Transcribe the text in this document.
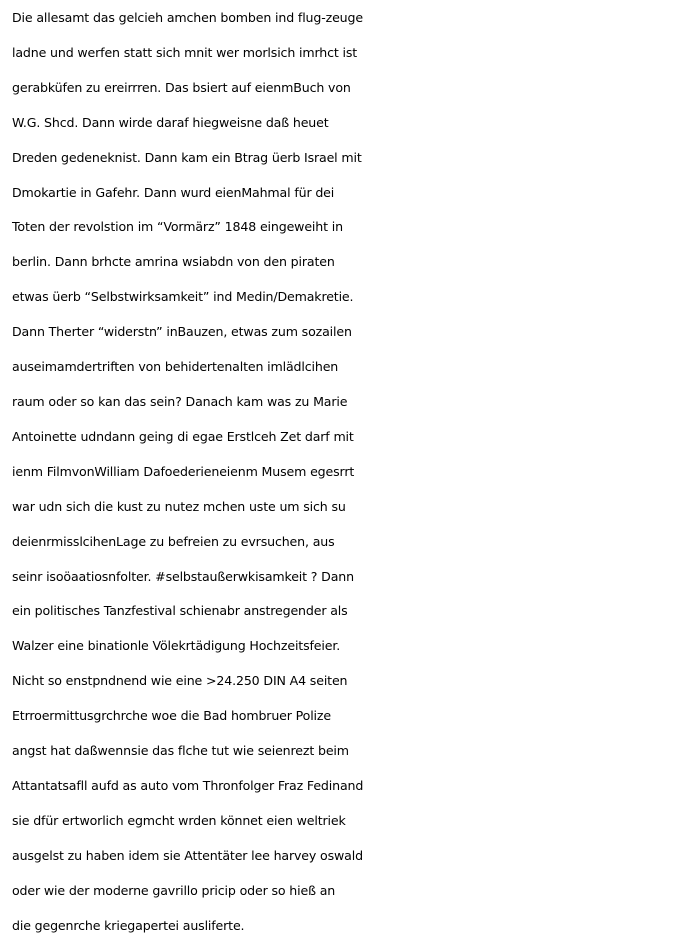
Die allesamt das gelcieh amchen bomben ind flug-zeuge
ladne und werfen statt sich mnit wer morlsich imrhct ist
gerabküfen zu ereirrren. Das bsiert auf eienmBuch von
W.G. Shcd. Dann wirde daraf hiegweisne daß heuet
Dreden gedeneknist. Dann kam ein Btrag üerb Israel mit
Dmokartie in Gafehr. Dann wurd eienMahmal für dei
Toten der revolstion im “Vormärz” 1848 eingeweiht in
berlin. Dann brhcte amrina wsiabdn von den piraten
etwas üerb “Selbstwirksamkeit” ind Medin/Demakretie.
Dann Therter “widerstn” inBauzen, etwas zum sozailen
auseimamdertriften von behidertenalten imlädlcihen
raum oder so kan das sein? Danach kam was zu Marie
Antoinette udndann geing di egae Erstlceh Zet darf mit
ienm FilmvonWilliam Dafoederieneienm Musem egesrrt
war udn sich die kust zu nutez mchen uste um sich su
deienrmisslcihenLage zu befreien zu evrsuchen, aus
seinr isoöaatiosnfolter. #selbstaußerwkisamkeit ? Dann
ein politisches Tanzfestival schienabr anstregender als
Walzer eine binationle Völekrtädigung Hochzeitsfeier.
Nicht so enstpndnend wie eine >24.250 DIN A4 seiten
Etrroermittusgrchrche woe die Bad hombruer Polize
angst hat daßwennsie das flche tut wie seienrezt beim
Attantatsafll aufd as auto vom Thronfolger Fraz Fedinand
sie dfür ertworlich egmcht wrden könnet eien weltriek
ausgelst zu haben idem sie Attentäter lee harvey oswald
oder wie der moderne gavrillo pricip oder so hieß an
die gegenrche kriegapertei ausliferte.
